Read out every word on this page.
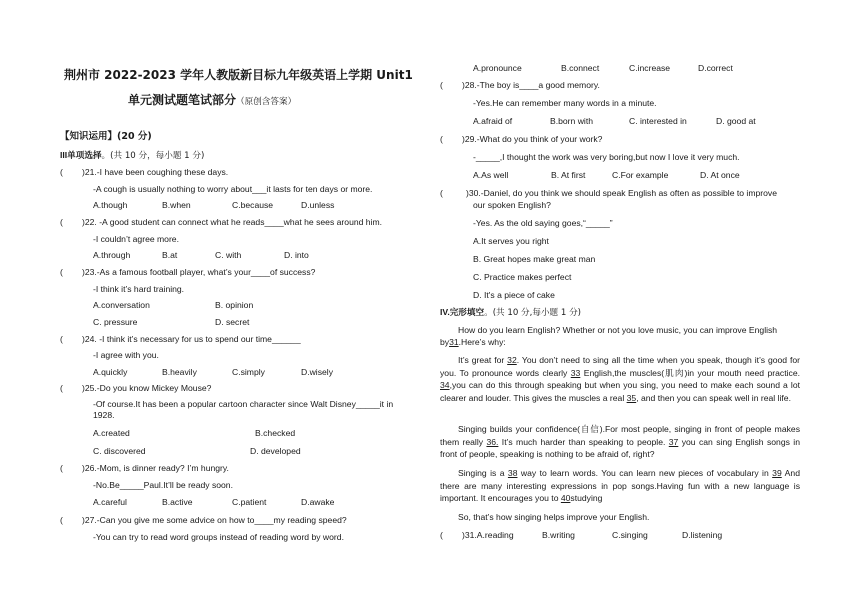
荆州市 2022-2023 学年人教版新目标九年级英语上学期 Unit1
单元测试题笔试部分（原创含答案）
【知识运用】(20 分)
III单项选择。(共 10 分，每小题 1 分)
( )21.-I have been coughing these days.
-A cough is usually nothing to worry about___it lasts for ten days or more.
A.though	B.when	C.because	D.unless
( )22. -A good student can connect what he reads____what he sees around him.
-I couldn’t agree more.
A.through	B.at	C. with	D. into
( )23.-As a famous football player, what’s your____of success?
-I think it’s hard training.
A.conversation	B. opinion
C. pressure	D. secret
( )24. -I think it’s necessary for us to spend our time______
-I agree with you.
A.quickly	B.heavily	C.simply	D.wisely
( )25.-Do you know Mickey Mouse?
-Of course.It has been a popular cartoon character since Walt Disney_____it in
1928.
A.created	B.checked
C. discovered	D. developed
( )26.-Mom, is dinner ready? I’m hungry.
-No.Be_____Paul.It’ll be ready soon.
A.careful	B.active	C.patient	D.awake
( )27.-Can you give me some advice on how to____my reading speed?
-You can try to read word groups instead of reading word by word.
A.pronounce	B.connect	C.increase	D.correct
( )28.-The boy is____a good memory.
-Yes.He can remember many words in a minute.
A.afraid of	B.born with	C. interested in	D. good at
( )29.-What do you think of your work?
-_____,I thought the work was very boring,but now I love it very much.
A.As well	B. At first	C.For example	D. At once
(	)30.-Daniel, do you think we should speak English as often as possible to improve
our spoken English?
-Yes. As the old saying goes,“_____”
A.It serves you right
B. Great hopes make great man
C. Practice makes perfect
D. It's a piece of cake
IV.完形填空。(共 10 分,每小题 1 分)
How do you learn English? Whether or not you love music, you can improve English
by31.Here’s why:
It’s great for 32. You don’t need to sing all the time when you speak, though it’s good for you. To pronounce words clearly 33 English,the muscles(肌肉)in your mouth need practice. 34,you can do this through speaking but when you sing, you need to make each sound a lot clearer and louder. This gives the muscles a real 35, and then you can speak well in real life.
Singing builds your confidence(自信).For most people, singing in front of people makes them really 36. It’s much harder than speaking to people. 37 you can sing English songs in front of people, speaking is nothing to be afraid of, right?
Singing is a 38 way to learn words. You can learn new pieces of vocabulary in 39 And there are many interesting expressions in pop songs.Having fun with a new language is important. It encourages you to 40studying
So, that’s how singing helps improve your English.
( )31.A.reading	B.writing	C.singing	D.listening
